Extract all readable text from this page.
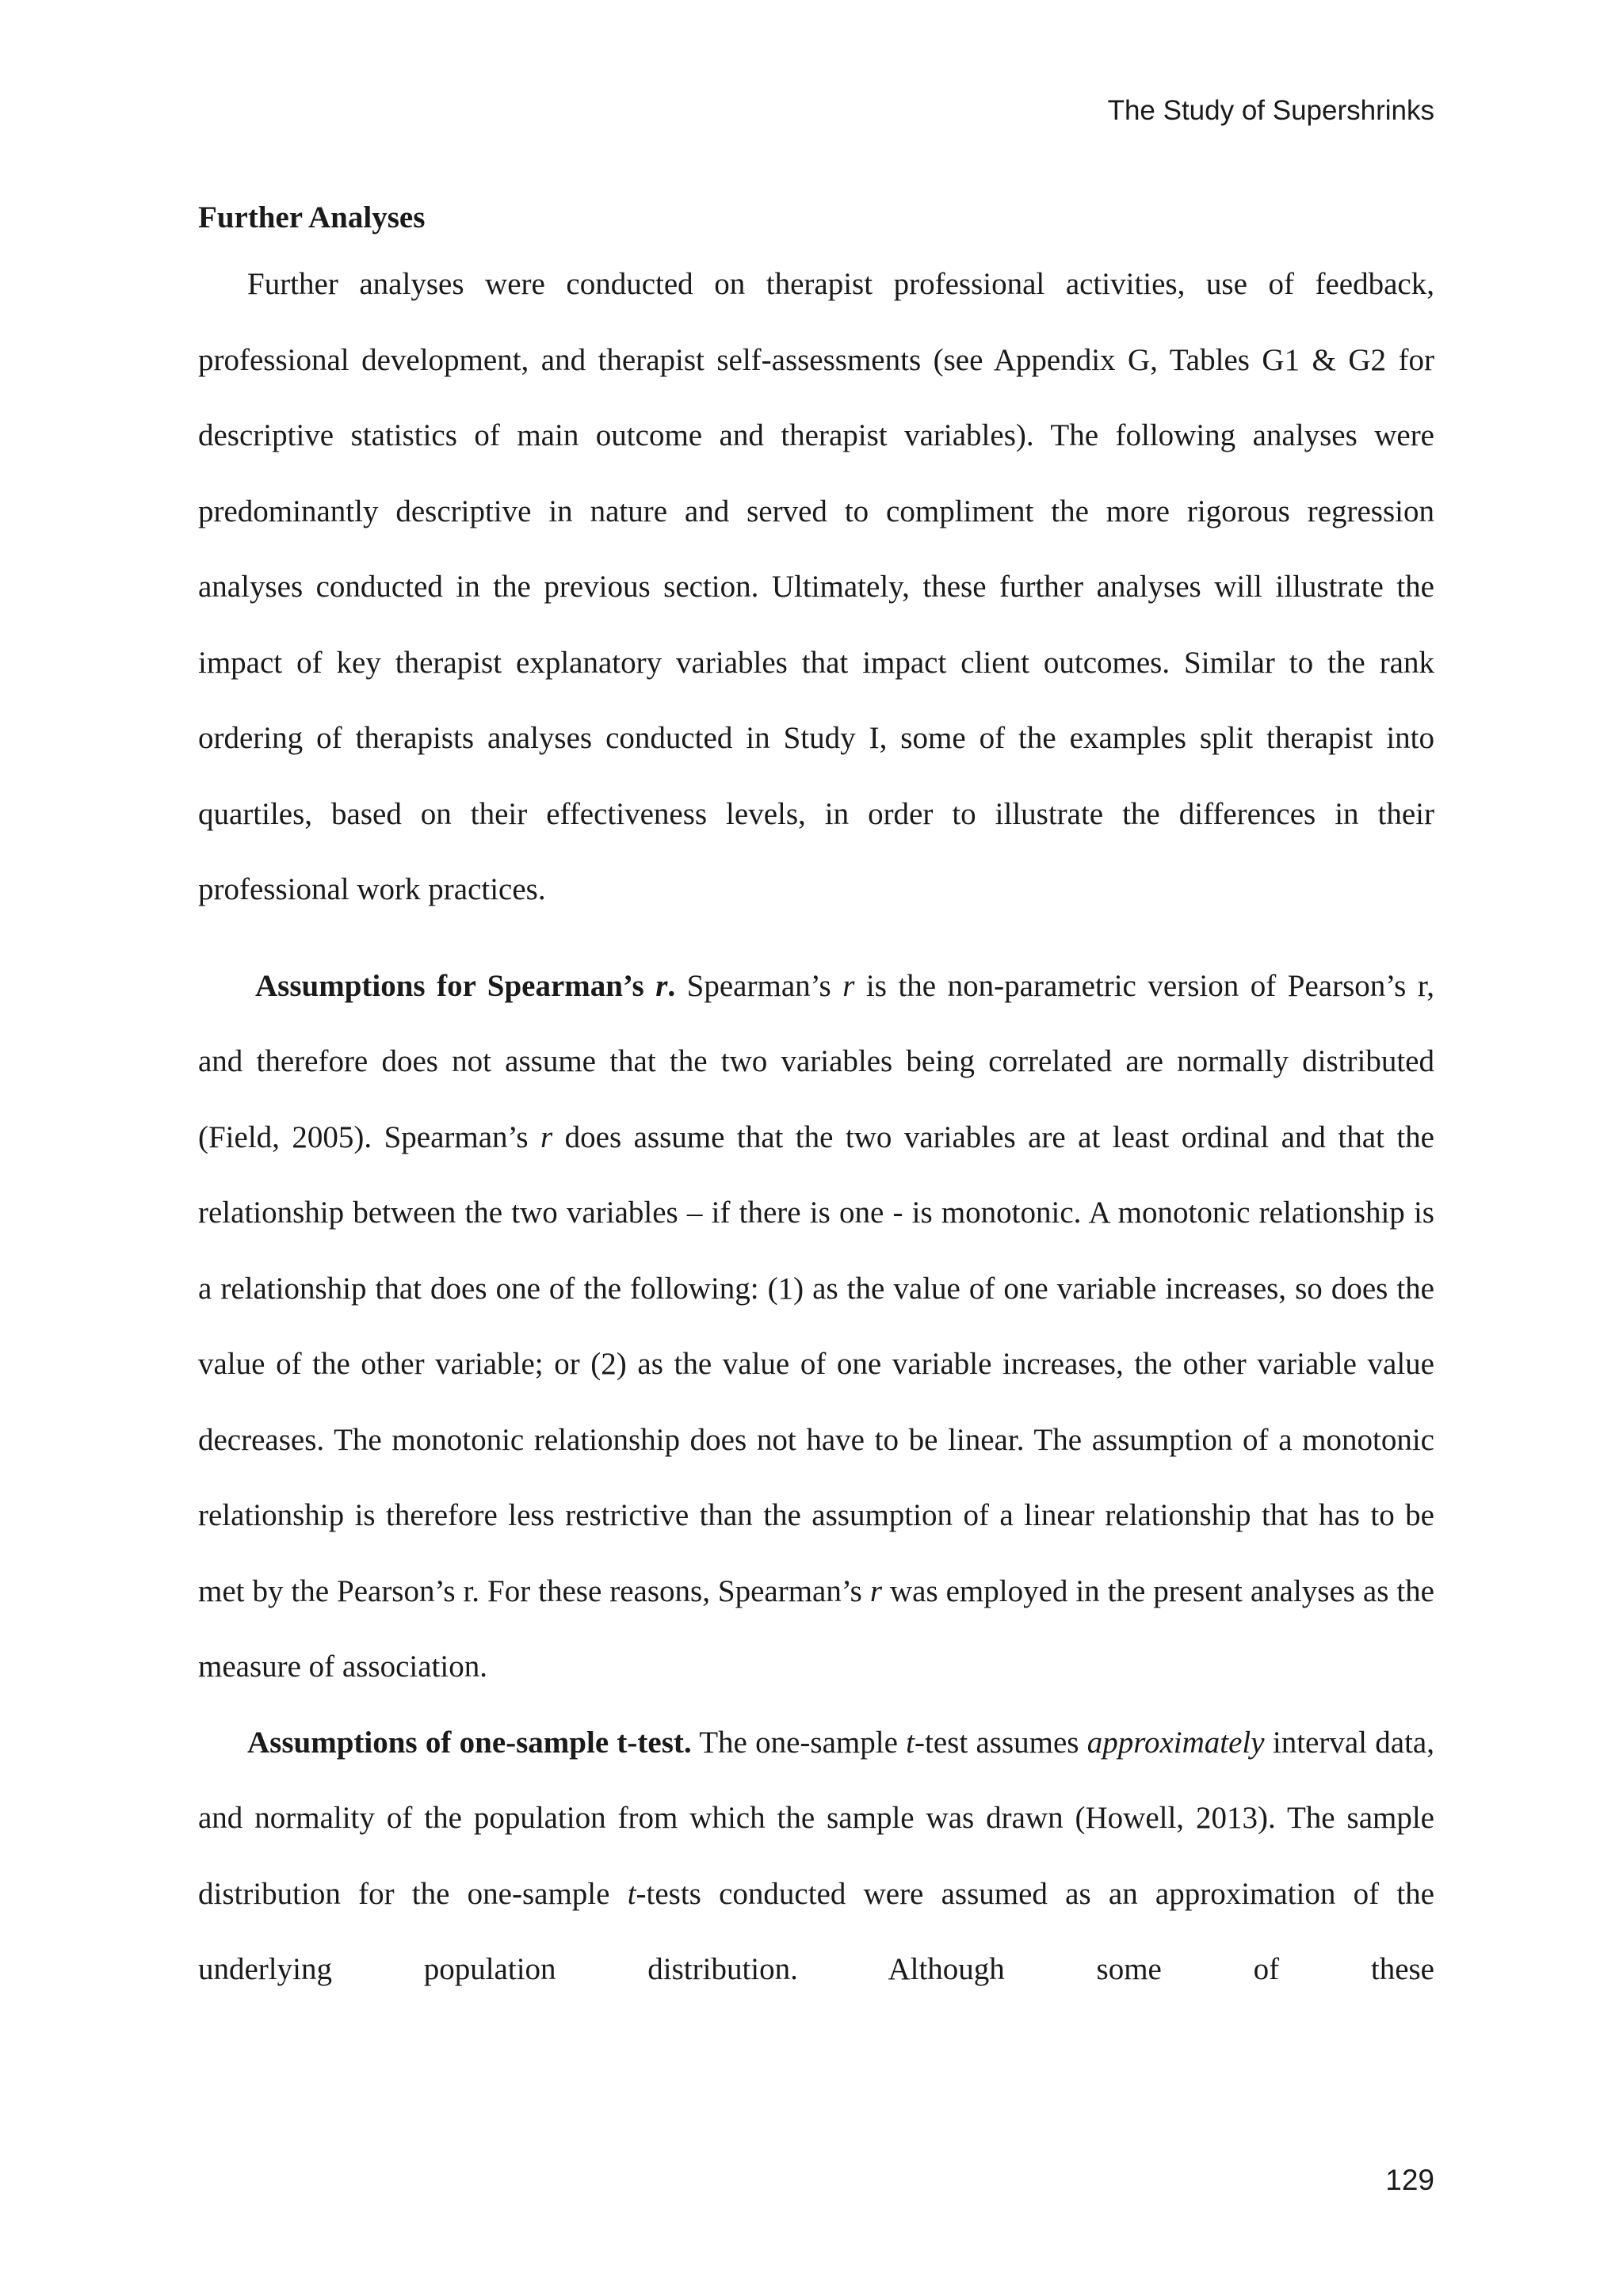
The Study of Supershrinks
Further Analyses

Further analyses were conducted on therapist professional activities, use of feedback, professional development, and therapist self-assessments (see Appendix G, Tables G1 & G2 for descriptive statistics of main outcome and therapist variables). The following analyses were predominantly descriptive in nature and served to compliment the more rigorous regression analyses conducted in the previous section. Ultimately, these further analyses will illustrate the impact of key therapist explanatory variables that impact client outcomes. Similar to the rank ordering of therapists analyses conducted in Study I, some of the examples split therapist into quartiles, based on their effectiveness levels, in order to illustrate the differences in their professional work practices.

Assumptions for Spearman’s r. Spearman’s r is the non-parametric version of Pearson’s r, and therefore does not assume that the two variables being correlated are normally distributed (Field, 2005). Spearman’s r does assume that the two variables are at least ordinal and that the relationship between the two variables – if there is one - is monotonic. A monotonic relationship is a relationship that does one of the following: (1) as the value of one variable increases, so does the value of the other variable; or (2) as the value of one variable increases, the other variable value decreases. The monotonic relationship does not have to be linear. The assumption of a monotonic relationship is therefore less restrictive than the assumption of a linear relationship that has to be met by the Pearson’s r. For these reasons, Spearman’s r was employed in the present analyses as the measure of association.

Assumptions of one-sample t-test. The one-sample t-test assumes approximately interval data, and normality of the population from which the sample was drawn (Howell, 2013). The sample distribution for the one-sample t-tests conducted were assumed as an approximation of the underlying population distribution. Although some of these

129
